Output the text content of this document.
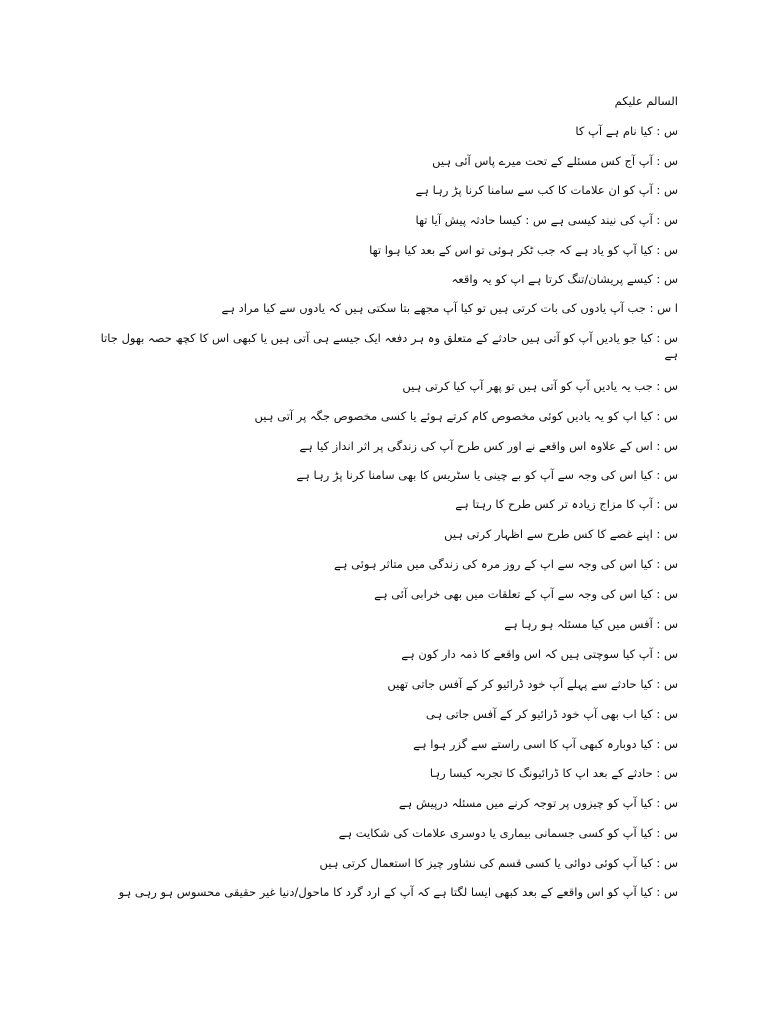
السالم علیکم
س : کیا نام ہے آپ کا
س : آپ آج کس مسئلے کے تحت میرے پاس آئی ہیں
س : آپ کو ان علامات کا کب سے سامنا کرنا پڑ رہا ہے
س : آپ کی نیند کیسی ہے س : کیسا حادثہ پیش آیا تھا
س : کیا آپ کو یاد ہے کہ جب ٹکر ہوئی تو اس کے بعد کیا ہوا تھا
س : کیسے پریشان/تنگ کرتا ہے اپ کو یہ واقعہ
ا س : جب آپ یادوں کی بات کرتی ہیں تو کیا آپ مجھے بتا سکتی ہیں کہ یادوں سے کیا مراد ہے
س : کیا جو یادیں آپ کو آتی ہیں حادثے کے متعلق وہ ہر دفعہ ایک جیسے ہی آتی ہیں یا کبھی اس کا کچھ حصہ بھول جاتا ہے
س : جب یہ یادیں آپ کو آتی ہیں تو پھر آپ کیا کرتی ہیں
س : کیا اپ کو یہ یادیں کوئی مخصوص کام کرتے ہوئے یا کسی مخصوص جگہ پر آتی ہیں
س : اس کے علاوہ اس واقعے نے اور کس طرح آپ کی زندگی پر اثر انداز کیا ہے
س : کیا اس کی وجہ سے آپ کو بے چینی یا سٹریس کا بھی سامنا کرنا پڑ رہا ہے
س : آپ کا مزاج زیادہ تر کس طرح کا رہتا ہے
س : اپنے غصے کا کس طرح سے اظہار کرتی ہیں
س : کیا اس کی وجہ سے اپ کے روز مرہ کی زندگی میں متاثر ہوئی ہے
س : کیا اس کی وجہ سے آپ کے تعلقات میں بھی خرابی آئی ہے
س : آفس میں کیا مسئلہ ہو رہا ہے
س : آپ کیا سوچتی ہیں کہ اس واقعے کا ذمہ دار کون ہے
س : کیا حادثے سے پہلے آپ خود ڈرائیو کر کے آفس جاتی تھیں
س : کیا اب بھی آپ خود ڈرائیو کر کے آفس جاتی ہی
س : کیا دوبارہ کبھی آپ کا اسی راستے سے گزر ہوا ہے
س : حادثے کے بعد اپ کا ڈرائیونگ کا تجربہ کیسا رہا
س : کیا آپ کو چیزوں پر توجہ کرنے میں مسئلہ درپیش ہے
س : کیا آپ کو کسی جسمانی بیماری یا دوسری علامات کی شکایت ہے
س : کیا آپ کوئی دوائی یا کسی قسم کی نشاور چیز کا استعمال کرتی ہیں
س : کیا آپ کو اس واقعے کے بعد کبھی ایسا لگتا ہے کہ آپ کے ارد گرد کا ماحول/دنیا غیر حقیقی محسوس ہو رہی ہو
